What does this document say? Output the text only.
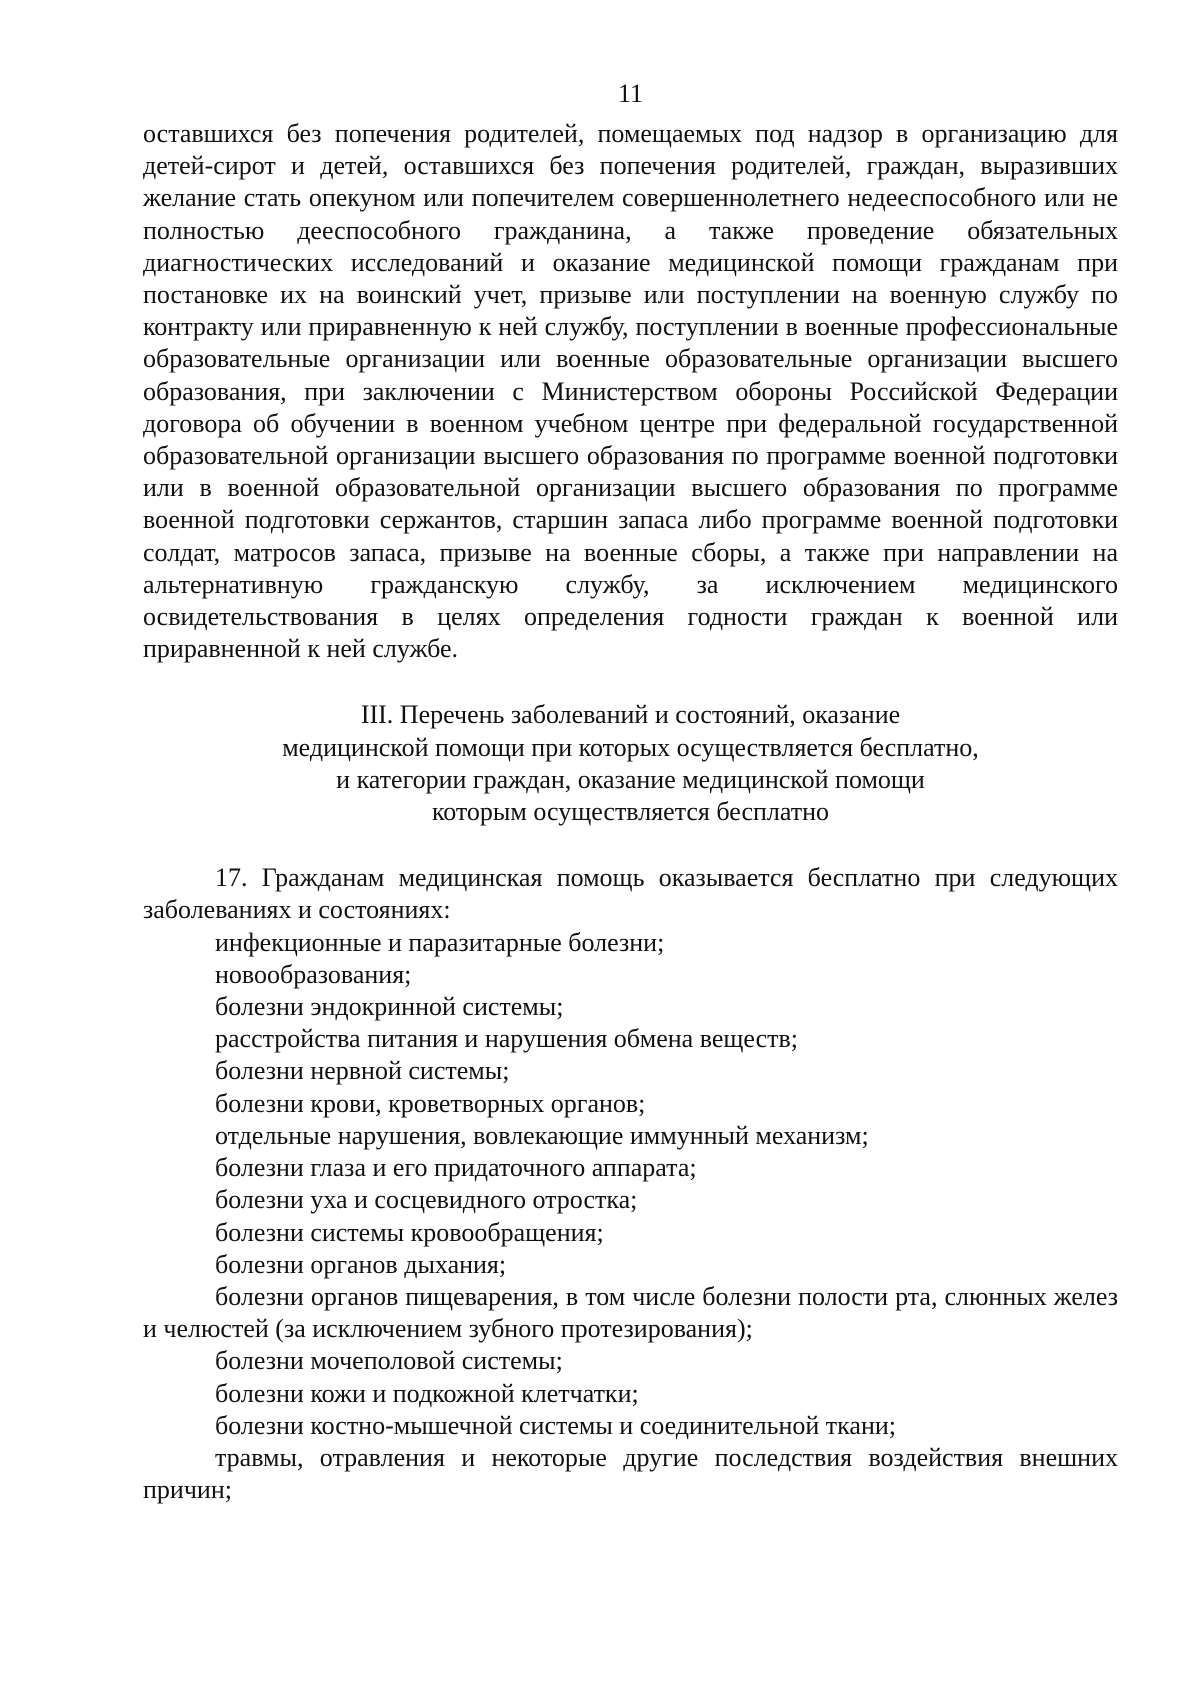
11

оставшихся без попечения родителей, помещаемых под надзор в организацию для детей-сирот и детей, оставшихся без попечения родителей, граждан, выразивших желание стать опекуном или попечителем совершеннолетнего недееспособного или не полностью дееспособного гражданина, а также проведение обязательных диагностических исследований и оказание медицинской помощи гражданам при постановке их на воинский учет, призыве или поступлении на военную службу по контракту или приравненную к ней службу, поступлении в военные профессиональные образовательные организации или военные образовательные организации высшего образования, при заключении с Министерством обороны Российской Федерации договора об обучении в военном учебном центре при федеральной государственной образовательной организации высшего образования по программе военной подготовки или в военной образовательной организации высшего образования по программе военной подготовки сержантов, старшин запаса либо программе военной подготовки солдат, матросов запаса, призыве на военные сборы, а также при направлении на альтернативную гражданскую службу, за исключением медицинского освидетельствования в целях определения годности граждан к военной или приравненной к ней службе.

III. Перечень заболеваний и состояний, оказание
медицинской помощи при которых осуществляется бесплатно,
и категории граждан, оказание медицинской помощи
которым осуществляется бесплатно

17. Гражданам медицинская помощь оказывается бесплатно при следующих заболеваниях и состояниях:

инфекционные и паразитарные болезни;
новообразования;
болезни эндокринной системы;
расстройства питания и нарушения обмена веществ;
болезни нервной системы;
болезни крови, кроветворных органов;
отдельные нарушения, вовлекающие иммунный механизм;
болезни глаза и его придаточного аппарата;
болезни уха и сосцевидного отростка;
болезни системы кровообращения;
болезни органов дыхания;
болезни органов пищеварения, в том числе болезни полости рта, слюнных желез и челюстей (за исключением зубного протезирования);
болезни мочеполовой системы;
болезни кожи и подкожной клетчатки;
болезни костно-мышечной системы и соединительной ткани;
травмы, отравления и некоторые другие последствия воздействия внешних причин;
